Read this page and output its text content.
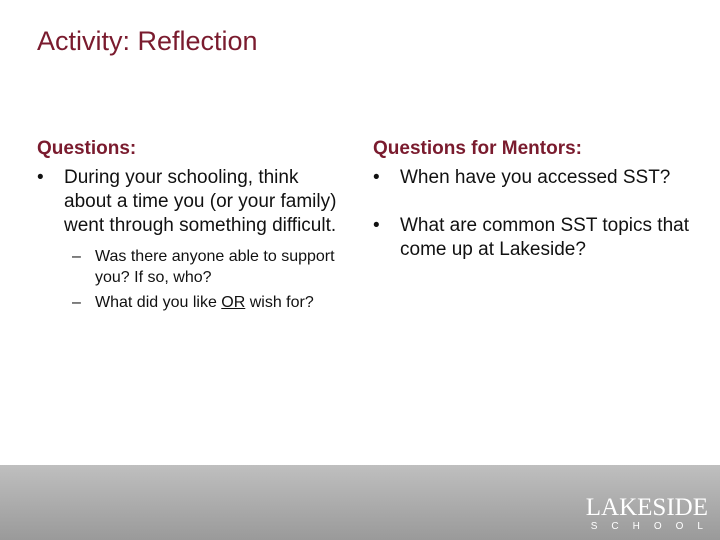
Activity: Reflection
Questions:
• During your schooling, think about a time you (or your family) went through something difficult.
– Was there anyone able to support you? If so, who?
– What did you like OR wish for?
Questions for Mentors:
• When have you accessed SST?
• What are common SST topics that come up at Lakeside?
LAKESIDE
SCHOOL
